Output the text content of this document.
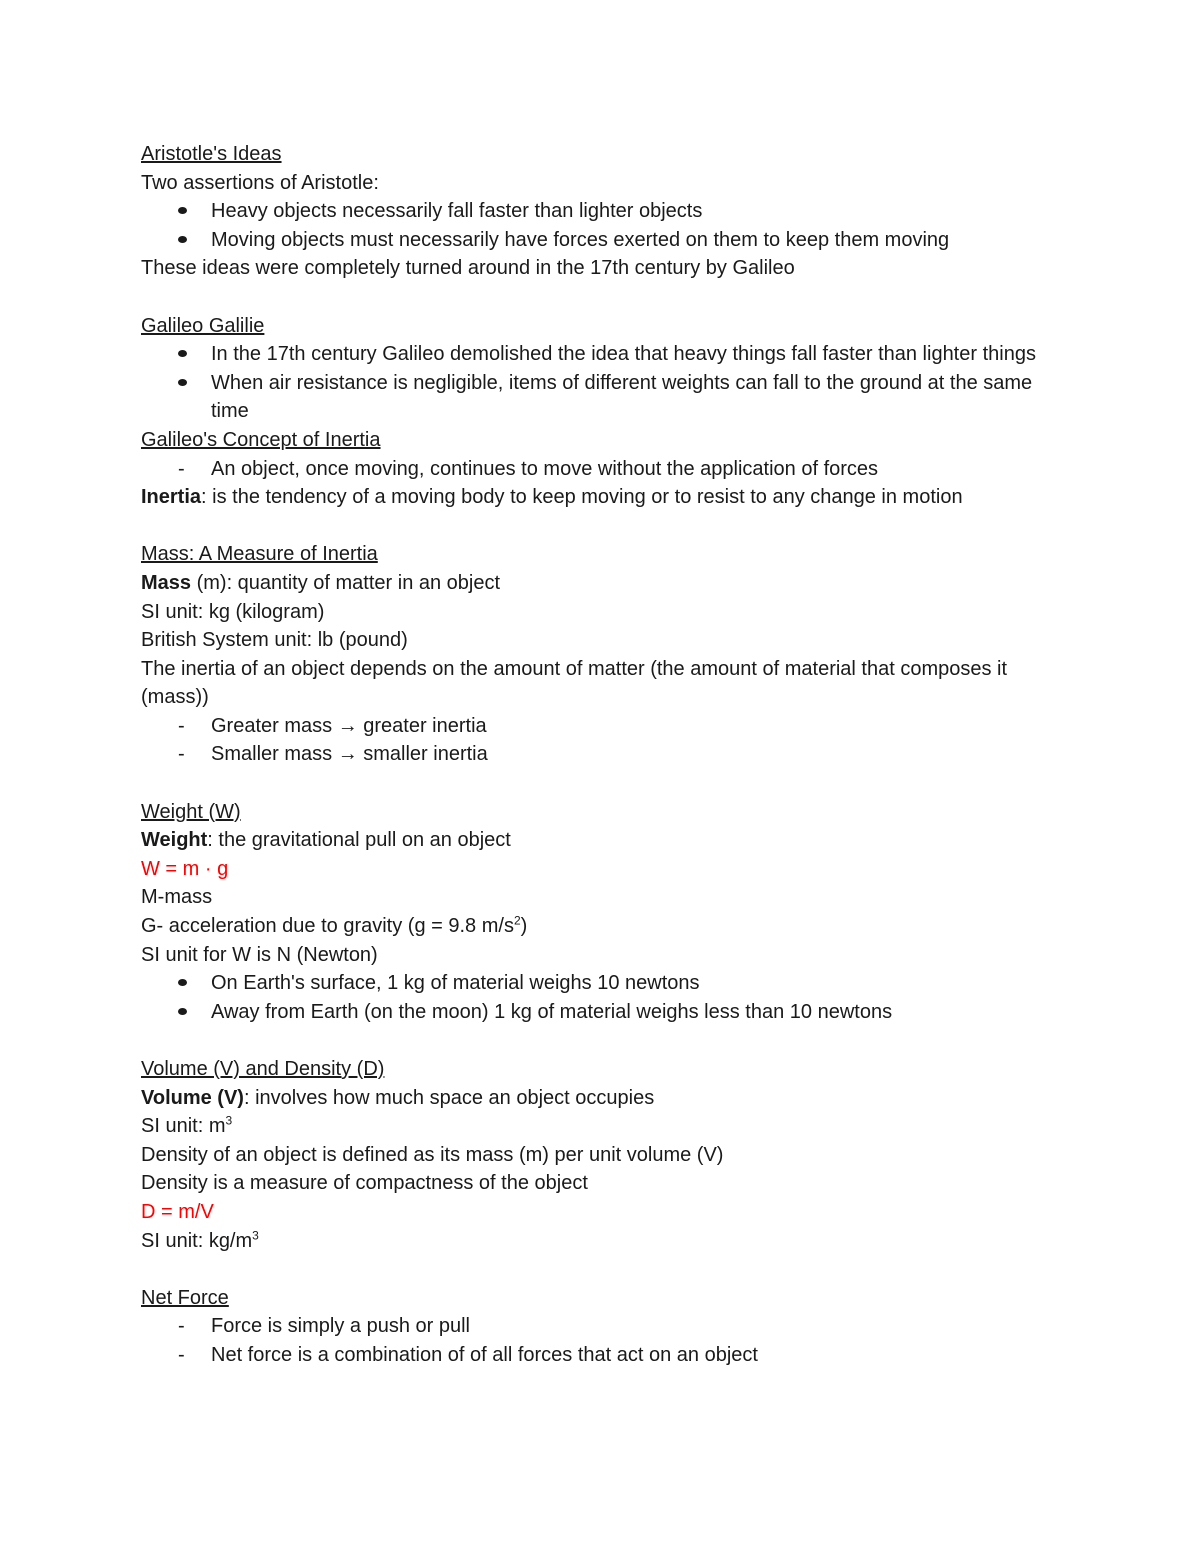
Aristotle's Ideas
Two assertions of Aristotle:
Heavy objects necessarily fall faster than lighter objects
Moving objects must necessarily have forces exerted on them to keep them moving
These ideas were completely turned around in the 17th century by Galileo
Galileo Galilie
In the 17th century Galileo demolished the idea that heavy things fall faster than lighter things
When air resistance is negligible, items of different weights can fall to the ground at the same time
Galileo's Concept of Inertia
-	An object, once moving, continues to move without the application of forces
Inertia: is the tendency of a moving body to keep moving or to resist to any change in motion
Mass: A Measure of Inertia
Mass (m): quantity of matter in an object
SI unit: kg (kilogram)
British System unit: lb (pound)
The inertia of an object depends on the amount of matter (the amount of material that composes it (mass))
-	Greater mass → greater inertia
-	Smaller mass → smaller inertia
Weight (W)
Weight: the gravitational pull on an object
W = m · g
M-mass
G- acceleration due to gravity (g = 9.8 $m/s^2$)
SI unit for W is N (Newton)
On Earth's surface, 1 kg of material weighs 10 newtons
Away from Earth (on the moon) 1 kg of material weighs less than 10 newtons
Volume (V) and Density (D)
Volume (V): involves how much space an object occupies
SI unit: $m^3$
Density of an object is defined as its mass (m) per unit volume (V)
Density is a measure of compactness of the object
D = m/V
SI unit: $kg/m^3$
Net Force
-	Force is simply a push or pull
-	Net force is a combination of of all forces that act on an object
